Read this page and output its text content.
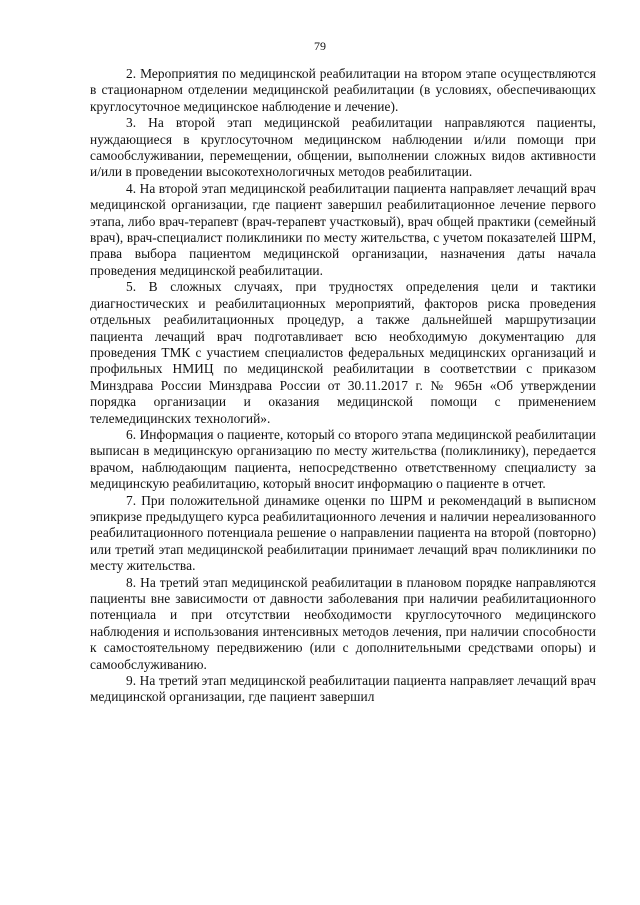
79

2. Мероприятия по медицинской реабилитации на втором этапе осуществляются в стационарном отделении медицинской реабилитации (в условиях, обеспечивающих круглосуточное медицинское наблюдение и лечение).

3. На второй этап медицинской реабилитации направляются пациенты, нуждающиеся в круглосуточном медицинском наблюдении и/или помощи при самообслуживании, перемещении, общении, выполнении сложных видов активности и/или в проведении высокотехнологичных методов реабилитации.

4. На второй этап медицинской реабилитации пациента направляет лечащий врач медицинской организации, где пациент завершил реабилитационное лечение первого этапа, либо врач-терапевт (врач-терапевт участковый), врач общей практики (семейный врач), врач-специалист поликлиники по месту жительства, с учетом показателей ШРМ, права выбора пациентом медицинской организации, назначения даты начала проведения медицинской реабилитации.

5. В сложных случаях, при трудностях определения цели и тактики диагностических и реабилитационных мероприятий, факторов риска проведения отдельных реабилитационных процедур, а также дальнейшей маршрутизации пациента лечащий врач подготавливает всю необходимую документацию для проведения ТМК с участием специалистов федеральных медицинских организаций и профильных НМИЦ по медицинской реабилитации в соответствии с приказом Минздрава России Минздрава России от 30.11.2017 г. № 965н «Об утверждении порядка организации и оказания медицинской помощи с применением телемедицинских технологий».

6. Информация о пациенте, который со второго этапа медицинской реабилитации выписан в медицинскую организацию по месту жительства (поликлинику), передается врачом, наблюдающим пациента, непосредственно ответственному специалисту за медицинскую реабилитацию, который вносит информацию о пациенте в отчет.

7. При положительной динамике оценки по ШРМ и рекомендаций в выписном эпикризе предыдущего курса реабилитационного лечения и наличии нереализованного реабилитационного потенциала решение о направлении пациента на второй (повторно) или третий этап медицинской реабилитации принимает лечащий врач поликлиники по месту жительства.

8. На третий этап медицинской реабилитации в плановом порядке направляются пациенты вне зависимости от давности заболевания при наличии реабилитационного потенциала и при отсутствии необходимости круглосуточного медицинского наблюдения и использования интенсивных методов лечения, при наличии способности к самостоятельному передвижению (или с дополнительными средствами опоры) и самообслуживанию.

9. На третий этап медицинской реабилитации пациента направляет лечащий врач медицинской организации, где пациент завершил
